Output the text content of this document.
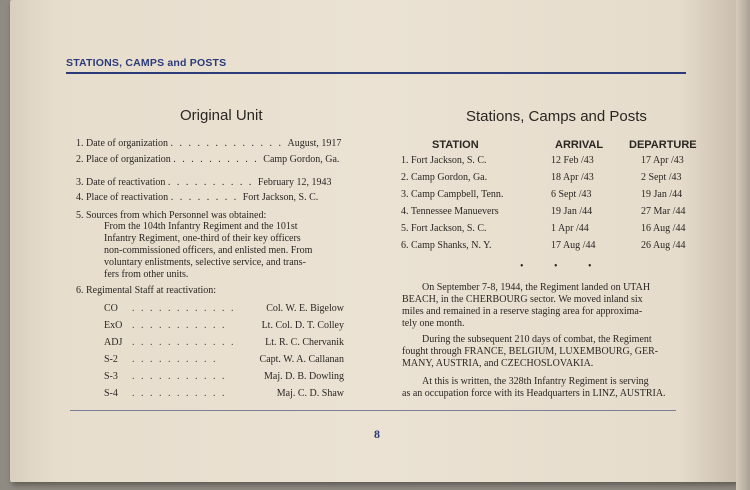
STATIONS, CAMPS and POSTS
Original Unit
1. Date of organization . . . . . . . . . . . . . August, 1917
2. Place of organization . . . . . . . . . . Camp Gordon, Ga.
3. Date of reactivation . . . . . . . . . . February 12, 1943
4. Place of reactivation . . . . . . . . Fort Jackson, S. C.
5. Sources from which Personnel was obtained:
From the 104th Infantry Regiment and the 101st
Infantry Regiment, one-third of their key officers
non-commissioned officers, and enlisted men. From
voluntary enlistments, selective service, and trans-
fers from other units.
6. Regimental Staff at reactivation:
CO . . . . . . . . . . . .	Col. W. E. Bigelow
ExO . . . . . . . . . . .	Lt. Col. D. T. Colley
ADJ . . . . . . . . . . . .	Lt. R. C. Chervanik
S-2 . . . . . . . . . .	Capt. W. A. Callanan
S-3 . . . . . . . . . . .	Maj. D. B. Dowling
S-4 . . . . . . . . . . .	Maj. C. D. Shaw
Stations, Camps and Posts
STATION	ARRIVAL DEPARTURE
1. Fort Jackson, S. C.	12 Feb /43	17 Apr /43
2. Camp Gordon, Ga.	18 Apr /43	2 Sept /43
3. Camp Campbell, Tenn.	6 Sept /43	19 Jan /44
4. Tennessee Manuevers	19 Jan /44	27 Mar /44
5. Fort Jackson, S. C.	1 Apr /44	16 Aug /44
6. Camp Shanks, N. Y.	17 Aug /44	26 Aug /44
• • •
On September 7-8, 1944, the Regiment landed on UTAH
BEACH, in the CHERBOURG sector. We moved inland six
miles and remained in a reserve staging area for approxima-
tely one month.
During the subsequent 210 days of combat, the Regiment
fought through FRANCE, BELGIUM, LUXEMBOURG, GER-
MANY, AUSTRIA, and CZECHOSLOVAKIA.
At this is written, the 328th Infantry Regiment is serving
as an occupation force with its Headquarters in LINZ, AUSTRIA.
8
